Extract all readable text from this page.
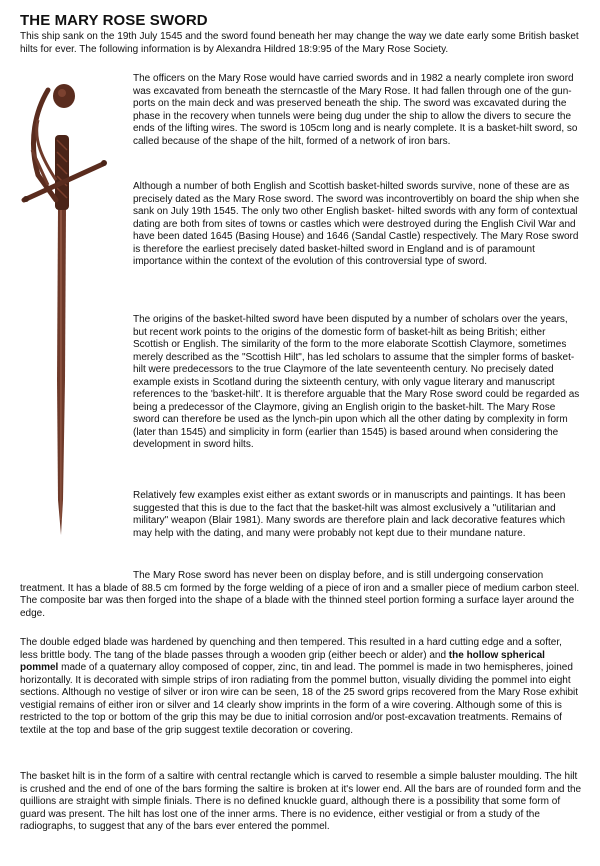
THE MARY ROSE SWORD

This ship sank on the 19th July 1545 and the sword found beneath her may change the way we date early some British basket hilts for ever. The following information is by Alexandra Hildred 18:9:95 of the Mary Rose Society.

The officers on the Mary Rose would have carried swords and in 1982 a nearly complete iron sword was excavated from beneath the sterncastle of the Mary Rose. It had fallen through one of the gun-ports on the main deck and was preserved beneath the ship. The sword was excavated during the phase in the recovery when tunnels were being dug under the ship to allow the divers to secure the ends of the lifting wires. The sword is 105cm long and is nearly complete. It is a basket-hilt sword, so called because of the shape of the hilt, formed of a network of iron bars.

Although a number of both English and Scottish basket-hilted swords survive, none of these are as precisely dated as the Mary Rose sword. The sword was incontrovertibly on board the ship when she sank on July 19th 1545. The only two other English basket- hilted swords with any form of contextual dating are both from sites of towns or castles which were destroyed during the English Civil War and have been dated 1645 (Basing House) and 1646 (Sandal Castle) respectively. The Mary Rose sword is therefore the earliest precisely dated basket-hilted sword in England and is of paramount importance within the context of the evolution of this controversial type of sword.

The origins of the basket-hilted sword have been disputed by a number of scholars over the years, but recent work points to the origins of the domestic form of basket-hilt as being British; either Scottish or English. The similarity of the form to the more elaborate Scottish Claymore, sometimes merely described as the "Scottish Hilt", has led scholars to assume that the simpler forms of basket-hilt were predecessors to the true Claymore of the late seventeenth century. No precisely dated example exists in Scotland during the sixteenth century, with only vague literary and manuscript references to the 'basket-hilt'. It is therefore arguable that the Mary Rose sword could be regarded as being a predecessor of the Claymore, giving an English origin to the basket-hilt. The Mary Rose sword can therefore be used as the lynch-pin upon which all the other dating by complexity in form (later than 1545) and simplicity in form (earlier than 1545) is based around when considering the development in sword hilts.

Relatively few examples exist either as extant swords or in manuscripts and paintings. It has been suggested that this is due to the fact that the basket-hilt was almost exclusively a "utilitarian and military" weapon (Blair 1981). Many swords are therefore plain and lack decorative features which may help with the dating, and many were probably not kept due to their mundane nature.

The Mary Rose sword has never been on display before, and is still undergoing conservation treatment. It has a blade of 88.5 cm formed by the forge welding of a piece of iron and a smaller piece of medium carbon steel. The composite bar was then forged into the shape of a blade with the thinned steel portion forming a surface layer around the edge.

The double edged blade was hardened by quenching and then tempered. This resulted in a hard cutting edge and a softer, less brittle body. The tang of the blade passes through a wooden grip (either beech or alder) and the hollow spherical pommel made of a quaternary alloy composed of copper, zinc, tin and lead. The pommel is made in two hemispheres, joined horizontally. It is decorated with simple strips of iron radiating from the pommel button, visually dividing the pommel into eight sections. Although no vestige of silver or iron wire can be seen, 18 of the 25 sword grips recovered from the Mary Rose exhibit vestigial remains of either iron or silver and 14 clearly show imprints in the form of a wire covering. Although some of this is restricted to the top or bottom of the grip this may be due to initial corrosion and/or post-excavation treatments. Remains of textile at the top and base of the grip suggest textile decoration or covering.

The basket hilt is in the form of a saltire with central rectangle which is carved to resemble a simple baluster moulding. The hilt is crushed and the end of one of the bars forming the saltire is broken at it's lower end. All the bars are of rounded form and the quillions are straight with simple finials. There is no defined knuckle guard, although there is a possibility that some form of guard was present. The hilt has lost one of the inner arms. There is no evidence, either vestigial or from a study of the radiographs, to suggest that any of the bars ever entered the pommel.
